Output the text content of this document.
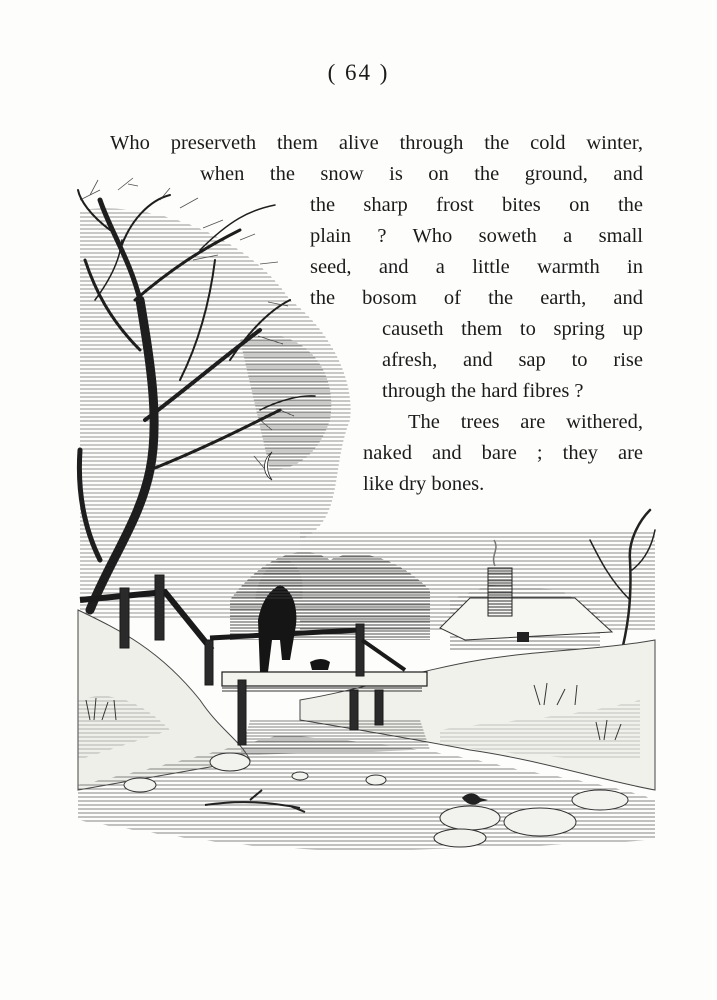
( 64 )
Who preserveth them alive through the cold winter,
when the snow is on the ground, and
the sharp frost bites on the
plain ? Who soweth a small
seed, and a little warmth in
the bosom of the earth, and
causeth them to spring up
afresh, and sap to rise
through the hard fibres ?
The trees are withered,
naked and bare ; they are
like dry bones.
